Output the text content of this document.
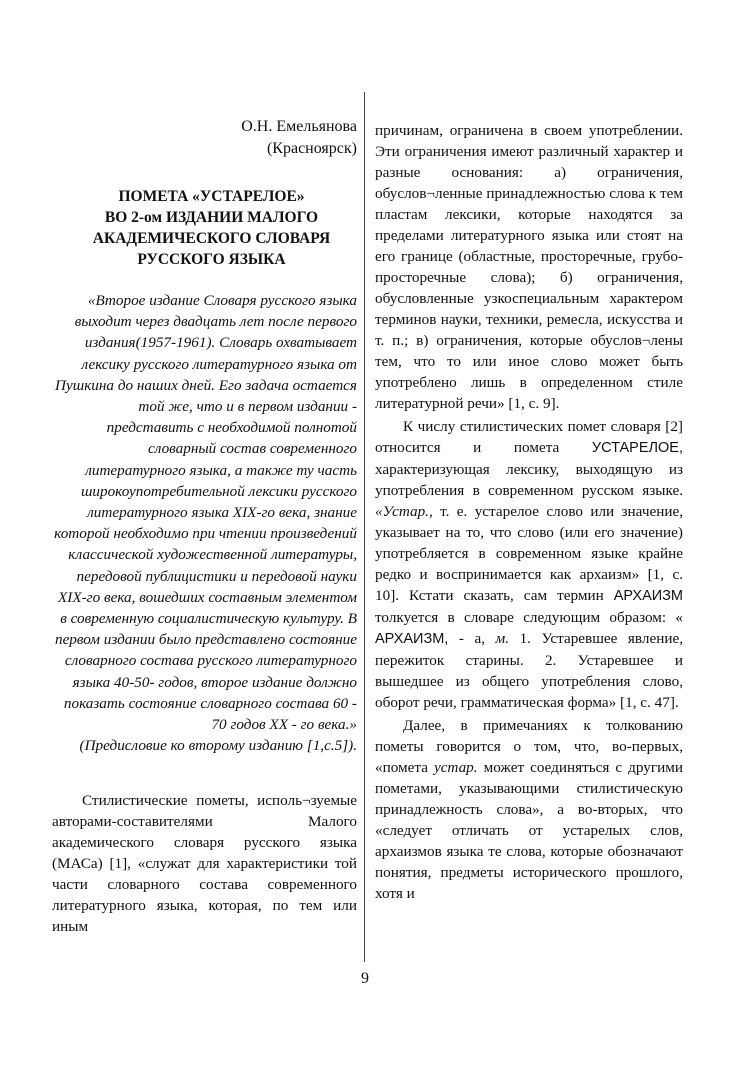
О.Н. Емельянова
(Красноярск)
ПОМЕТА «УСТАРЕЛОЕ»
ВО 2-ом ИЗДАНИИ МАЛОГО
АКАДЕМИЧЕСКОГО СЛОВАРЯ
РУССКОГО ЯЗЫКА

«Второе издание Словаря русского языка выходит через двадцать лет после первого издания(1957-1961). Словарь охватывает лексику русского литературного языка от Пушкина до наших дней. Его задача остается той же, что и в первом издании - представить с необходимой полнотой словарный состав современного литературного языка, а также ту часть широкоупотребительной лексики русского литературного языка XIX-го века, знание которой необходимо при чтении произведений классической художественной литературы, передовой публицистики и передовой науки XIX-го века, вошедших составным элементом в современную социалистическую культуру. В первом издании было представлено состояние словарного состава русского литературного языка 40-50- годов, второе издание должно показать состояние словарного состава 60 - 70 годов XX - го века.»

(Предисловие ко второму изданию [1,с.5]).

Стилистические пометы, исполь¬зуемые авторами-составителями Малого академического словаря русского языка (МАСа) [1], «служат для характеристики той части словарного состава современного литературного языка, которая, по тем или иным

причинам, ограничена в своем употреблении. Эти ограничения имеют различный характер и разные основания: а) ограничения, обуслов¬ленные принадлежностью слова к тем пластам лексики, которые находятся за пределами литературного языка или стоят на его границе (областные, просторечные, грубо-просторечные слова); б) ограничения, обусловленные узкоспециальным характером терминов науки, техники, ремесла, искусства и т. п.; в) ограничения, которые обуслов¬лены тем, что то или иное слово может быть употреблено лишь в определенном стиле литературной речи» [1, с. 9].

К числу стилистических помет словаря [2] относится и помета УСТАРЕЛОЕ, характеризующая лексику, выходящую из употребления в современном русском языке. «Устар., т. е. устарелое слово или значение, указывает на то, что слово (или его значение) употребляется в современном языке крайне редко и воспринимается как архаизм» [1, с. 10]. Кстати сказать, сам термин АРХАИЗМ толкуется в словаре следующим образом: « АРХАИЗМ, - а, м. 1. Устаревшее явление, пережиток старины. 2. Устаревшее и вышедшее из общего употребления слово, оборот речи, грамматическая форма» [1, с. 47].

Далее, в примечаниях к толкованию пометы говорится о том, что, во-первых, «помета устар. может соединяться с другими пометами, указывающими стилистическую принадлежность слова», а во-вторых, что «следует отличать от устарелых слов, архаизмов языка те слова, которые обозначают понятия, предметы исторического прошлого, хотя и

9
